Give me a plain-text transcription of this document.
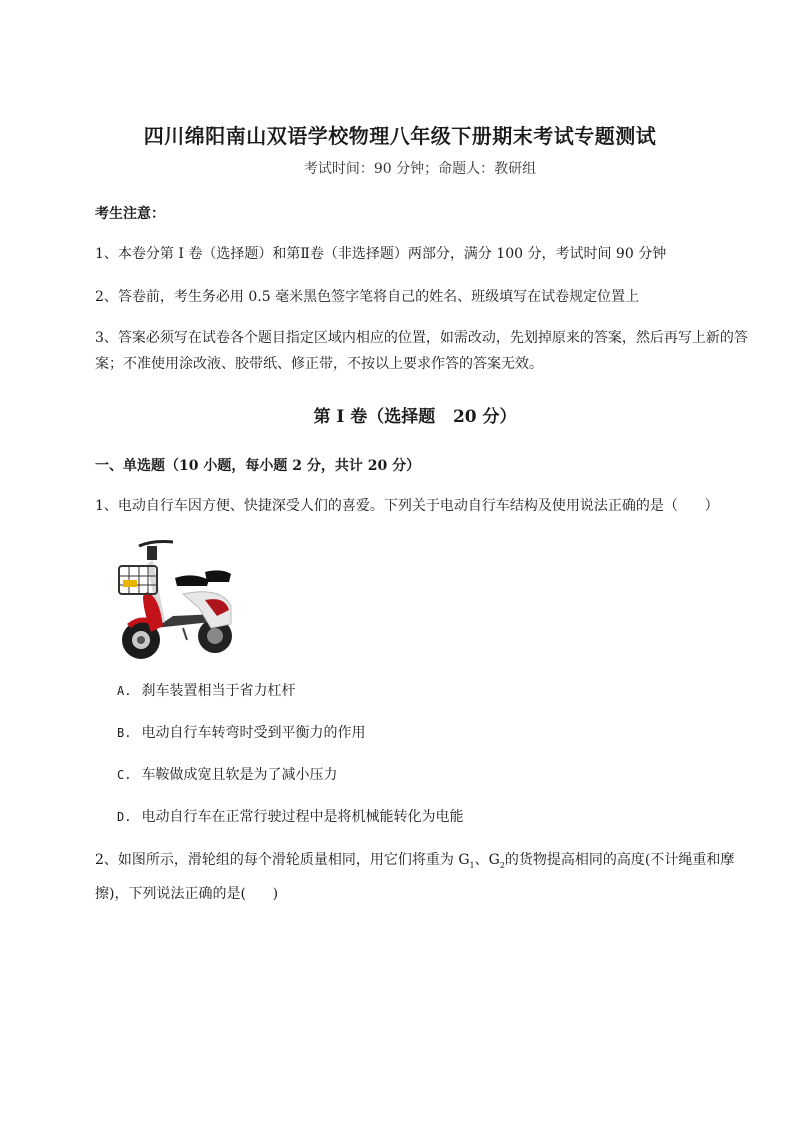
四川绵阳南山双语学校物理八年级下册期末考试专题测试
考试时间：90 分钟；命题人：教研组
考生注意：
1、本卷分第 I 卷（选择题）和第Ⅱ卷（非选择题）两部分，满分 100 分，考试时间 90 分钟
2、答卷前，考生务必用 0.5 毫米黑色签字笔将自己的姓名、班级填写在试卷规定位置上
3、答案必须写在试卷各个题目指定区域内相应的位置，如需改动，先划掉原来的答案，然后再写上新的答案；不准使用涂改液、胶带纸、修正带，不按以上要求作答的答案无效。
第 I 卷（选择题   20 分）
一、单选题（10 小题，每小题 2 分，共计 20 分）
1、电动自行车因方便、快捷深受人们的喜爱。下列关于电动自行车结构及使用说法正确的是（      ）
A. 刹车装置相当于省力杠杆
B. 电动自行车转弯时受到平衡力的作用
C. 车鞍做成宽且软是为了减小压力
D. 电动自行车在正常行驶过程中是将机械能转化为电能
2、如图所示，滑轮组的每个滑轮质量相同，用它们将重为 $G_1$、$G_2$的货物提高相同的高度(不计绳重和摩擦)，下列说法正确的是(      )
